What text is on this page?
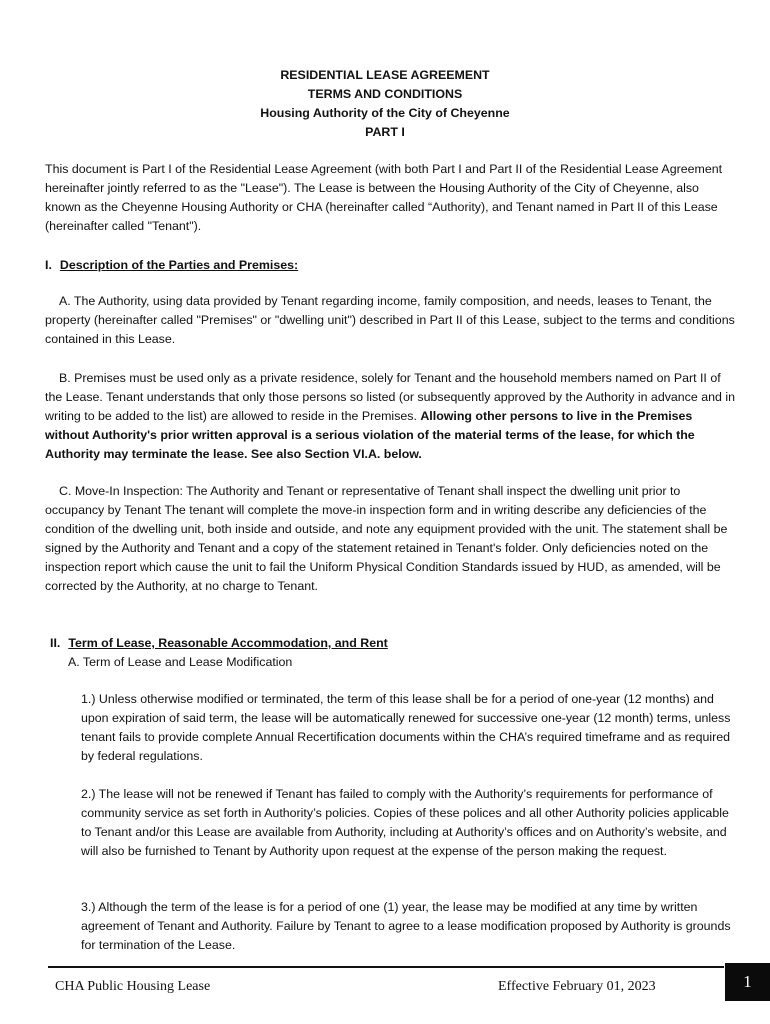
RESIDENTIAL LEASE AGREEMENT
TERMS AND CONDITIONS
Housing Authority of the City of Cheyenne
PART I
This document is Part I of the Residential Lease Agreement (with both Part I and Part II of the Residential Lease Agreement hereinafter jointly referred to as the "Lease"). The Lease is between the Housing Authority of the City of Cheyenne, also known as the Cheyenne Housing Authority or CHA (hereinafter called “Authority), and Tenant named in Part II of this Lease (hereinafter called "Tenant").
I. Description of the Parties and Premises:
A. The Authority, using data provided by Tenant regarding income, family composition, and needs, leases to Tenant, the property (hereinafter called "Premises" or "dwelling unit") described in Part II of this Lease, subject to the terms and conditions contained in this Lease.
B. Premises must be used only as a private residence, solely for Tenant and the household members named on Part II of the Lease. Tenant understands that only those persons so listed (or subsequently approved by the Authority in advance and in writing to be added to the list) are allowed to reside in the Premises. Allowing other persons to live in the Premises without Authority's prior written approval is a serious violation of the material terms of the lease, for which the Authority may terminate the lease. See also Section VI.A. below.
C. Move-In Inspection: The Authority and Tenant or representative of Tenant shall inspect the dwelling unit prior to occupancy by Tenant The tenant will complete the move-in inspection form and in writing describe any deficiencies of the condition of the dwelling unit, both inside and outside, and note any equipment provided with the unit. The statement shall be signed by the Authority and Tenant and a copy of the statement retained in Tenant's folder. Only deficiencies noted on the inspection report which cause the unit to fail the Uniform Physical Condition Standards issued by HUD, as amended, will be corrected by the Authority, at no charge to Tenant.
II. Term of Lease, Reasonable Accommodation, and Rent
A. Term of Lease and Lease Modification
1.) Unless otherwise modified or terminated, the term of this lease shall be for a period of one-year (12 months) and upon expiration of said term, the lease will be automatically renewed for successive one-year (12 month) terms, unless tenant fails to provide complete Annual Recertification documents within the CHA’s required timeframe and as required by federal regulations.
2.) The lease will not be renewed if Tenant has failed to comply with the Authority’s requirements for performance of community service as set forth in Authority’s policies. Copies of these polices and all other Authority policies applicable to Tenant and/or this Lease are available from Authority, including at Authority’s offices and on Authority’s website, and will also be furnished to Tenant by Authority upon request at the expense of the person making the request.
3.) Although the term of the lease is for a period of one (1) year, the lease may be modified at any time by written agreement of Tenant and Authority. Failure by Tenant to agree to a lease modification proposed by Authority is grounds for termination of the Lease.
CHA Public Housing Lease	Effective February 01, 2023	1
